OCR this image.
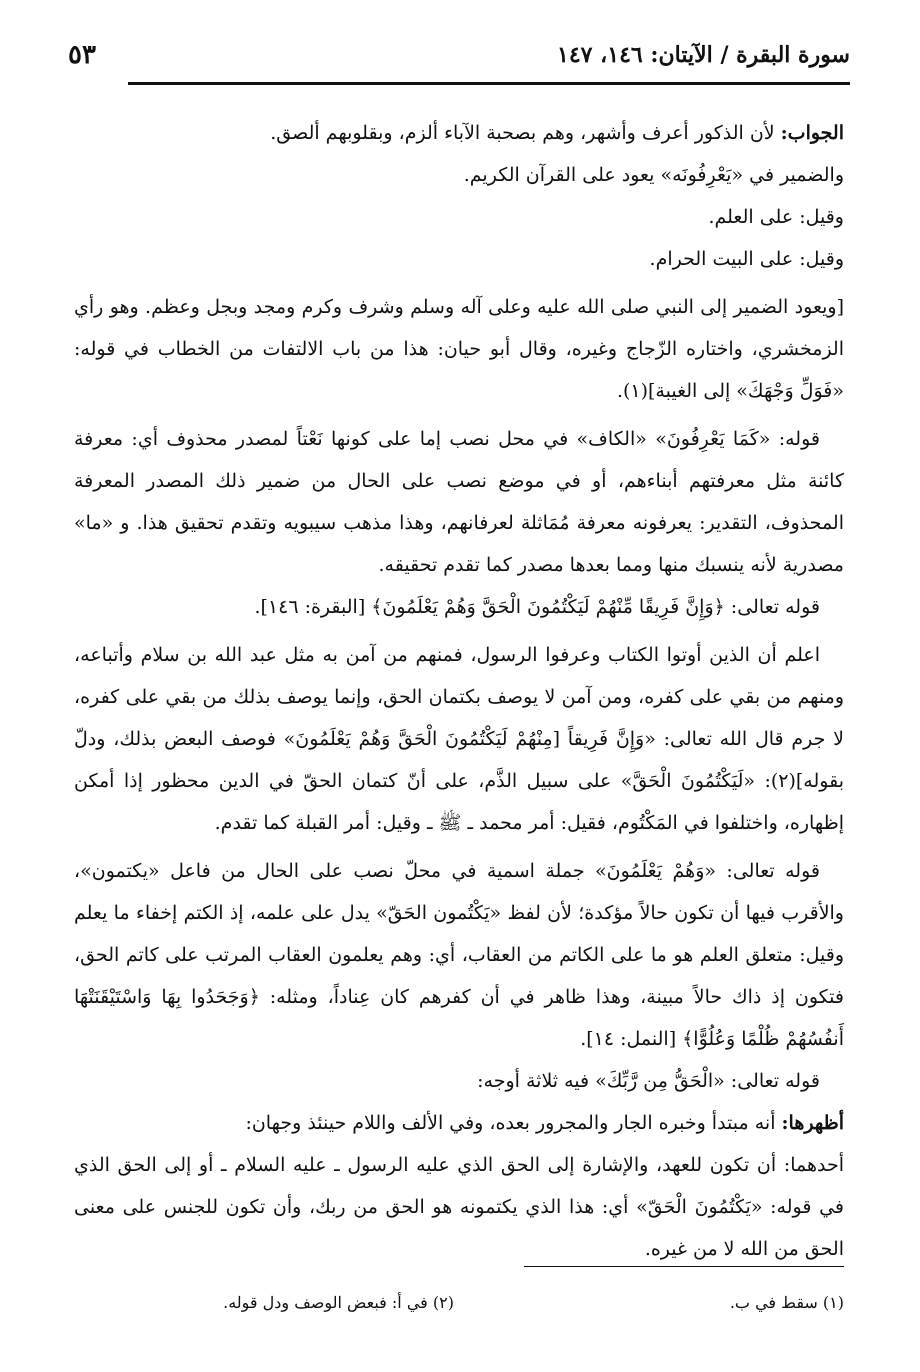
سورة البقرة / الآيتان: ١٤٦، ١٤٧
٥٣

الجواب: لأن الذكور أعرف وأشهر، وهم بصحبة الآباء ألزم، وبقلوبهم ألصق.

والضمير في «يَعْرِفُونَه» يعود على القرآن الكريم.

وقيل: على العلم.

وقيل: على البيت الحرام.

[ويعود الضمير إلى النبي صلى الله عليه وعلى آله وسلم وشرف وكرم ومجد وبجل وعظم. وهو رأي الزمخشري، واختاره الزّجاج وغيره، وقال أبو حيان: هذا من باب الالتفات من الخطاب في قوله: «فَوَلِّ وَجْهَكَ» إلى الغيبة](١).

قوله: «كَمَا يَعْرِفُونَ» «الكاف» في محل نصب إما على كونها نَعْتاً لمصدر محذوف أي: معرفة كائنة مثل معرفتهم أبناءهم، أو في موضع نصب على الحال من ضمير ذلك المصدر المعرفة المحذوف، التقدير: يعرفونه معرفة مُمَاثلة لعرفانهم، وهذا مذهب سيبويه وتقدم تحقيق هذا. و «ما» مصدرية لأنه ينسبك منها ومما بعدها مصدر كما تقدم تحقيقه.

قوله تعالى: ﴿وَإِنَّ فَرِيقًا مِّنْهُمْ لَيَكْتُمُونَ الْحَقَّ وَهُمْ يَعْلَمُونَ﴾ [البقرة: ١٤٦].

اعلم أن الذين أوتوا الكتاب وعرفوا الرسول، فمنهم من آمن به مثل عبد الله بن سلام وأتباعه، ومنهم من بقي على كفره، ومن آمن لا يوصف بكتمان الحق، وإنما يوصف بذلك من بقي على كفره، لا جرم قال الله تعالى: «وَإِنَّ فَرِيقاً [مِنْهُمْ لَيَكْتُمُونَ الْحَقَّ وَهُمْ يَعْلَمُونَ» فوصف البعض بذلك، ودلّ بقوله](٢): «لَيَكْتُمُونَ الْحَقَّ» على سبيل الذَّم، على أنّ كتمان الحقّ في الدين محظور إذا أمكن إظهاره، واختلفوا في المَكْتُوم، فقيل: أمر محمد ـ ﷺ ـ وقيل: أمر القبلة كما تقدم.

قوله تعالى: «وَهُمْ يَعْلَمُونَ» جملة اسمية في محلّ نصب على الحال من فاعل «يكتمون»، والأقرب فيها أن تكون حالاً مؤكدة؛ لأن لفظ «يَكْتُمون الحَقّ» يدل على علمه، إذ الكتم إخفاء ما يعلم وقيل: متعلق العلم هو ما على الكاتم من العقاب، أي: وهم يعلمون العقاب المرتب على كاتم الحق، فتكون إذ ذاك حالاً مبينة، وهذا ظاهر في أن كفرهم كان عِناداً، ومثله: ﴿وَجَحَدُوا بِهَا وَاسْتَيْقَنَتْهَا أَنفُسُهُمْ ظُلْمًا وَعُلُوًّا﴾ [النمل: ١٤].

قوله تعالى: «الْحَقُّ مِن رَّبِّكَ» فيه ثلاثة أوجه:

أظهرها: أنه مبتدأ وخبره الجار والمجرور بعده، وفي الألف واللام حينئذ وجهان:

أحدهما: أن تكون للعهد، والإشارة إلى الحق الذي عليه الرسول ـ عليه السلام ـ أو إلى الحق الذي في قوله: «يَكْتُمُونَ الْحَقّ» أي: هذا الذي يكتمونه هو الحق من ربك، وأن تكون للجنس على معنى الحق من الله لا من غيره.

(١) سقط في ب.
(٢) في أ: فبعض الوصف ودل قوله.
